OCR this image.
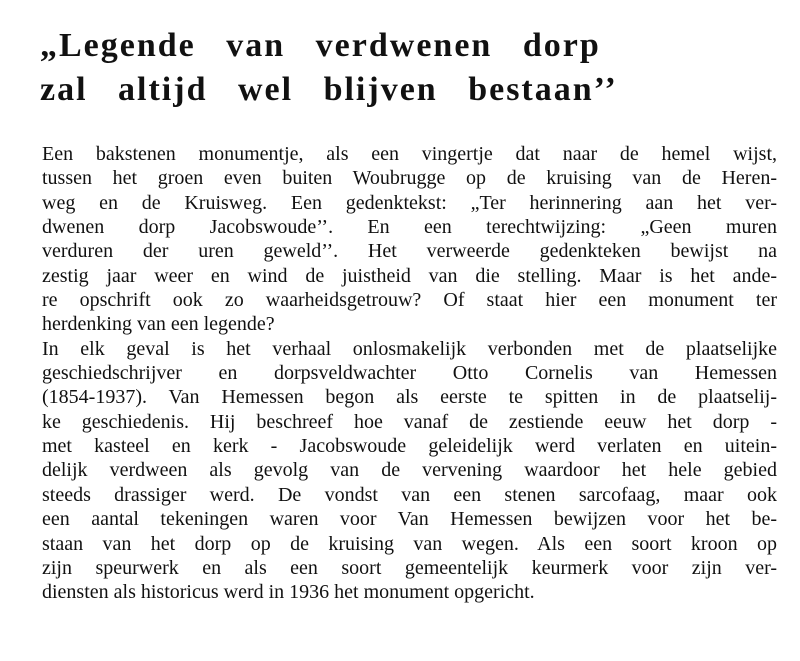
„Legende van verdwenen dorp
zal altijd wel blijven bestaan’’
Een bakstenen monumentje, als een vingertje dat naar de hemel wijst,
tussen het groen even buiten Woubrugge op de kruising van de Heren-
weg en de Kruisweg. Een gedenktekst: „Ter herinnering aan het ver-
dwenen dorp Jacobswoude’’. En een terechtwijzing: „Geen muren
verduren der uren geweld’’. Het verweerde gedenkteken bewijst na
zestig jaar weer en wind de juistheid van die stelling. Maar is het ande-
re opschrift ook zo waarheidsgetrouw? Of staat hier een monument ter
herdenking van een legende?
In elk geval is het verhaal onlosmakelijk verbonden met de plaatselijke
geschiedschrijver en dorpsveldwachter Otto Cornelis van Hemessen
(1854-1937). Van Hemessen begon als eerste te spitten in de plaatselij-
ke geschiedenis. Hij beschreef hoe vanaf de zestiende eeuw het dorp -
met kasteel en kerk - Jacobswoude geleidelijk werd verlaten en uitein-
delijk verdween als gevolg van de vervening waardoor het hele gebied
steeds drassiger werd. De vondst van een stenen sarcofaag, maar ook
een aantal tekeningen waren voor Van Hemessen bewijzen voor het be-
staan van het dorp op de kruising van wegen. Als een soort kroon op
zijn speurwerk en als een soort gemeentelijk keurmerk voor zijn ver-
diensten als historicus werd in 1936 het monument opgericht.
